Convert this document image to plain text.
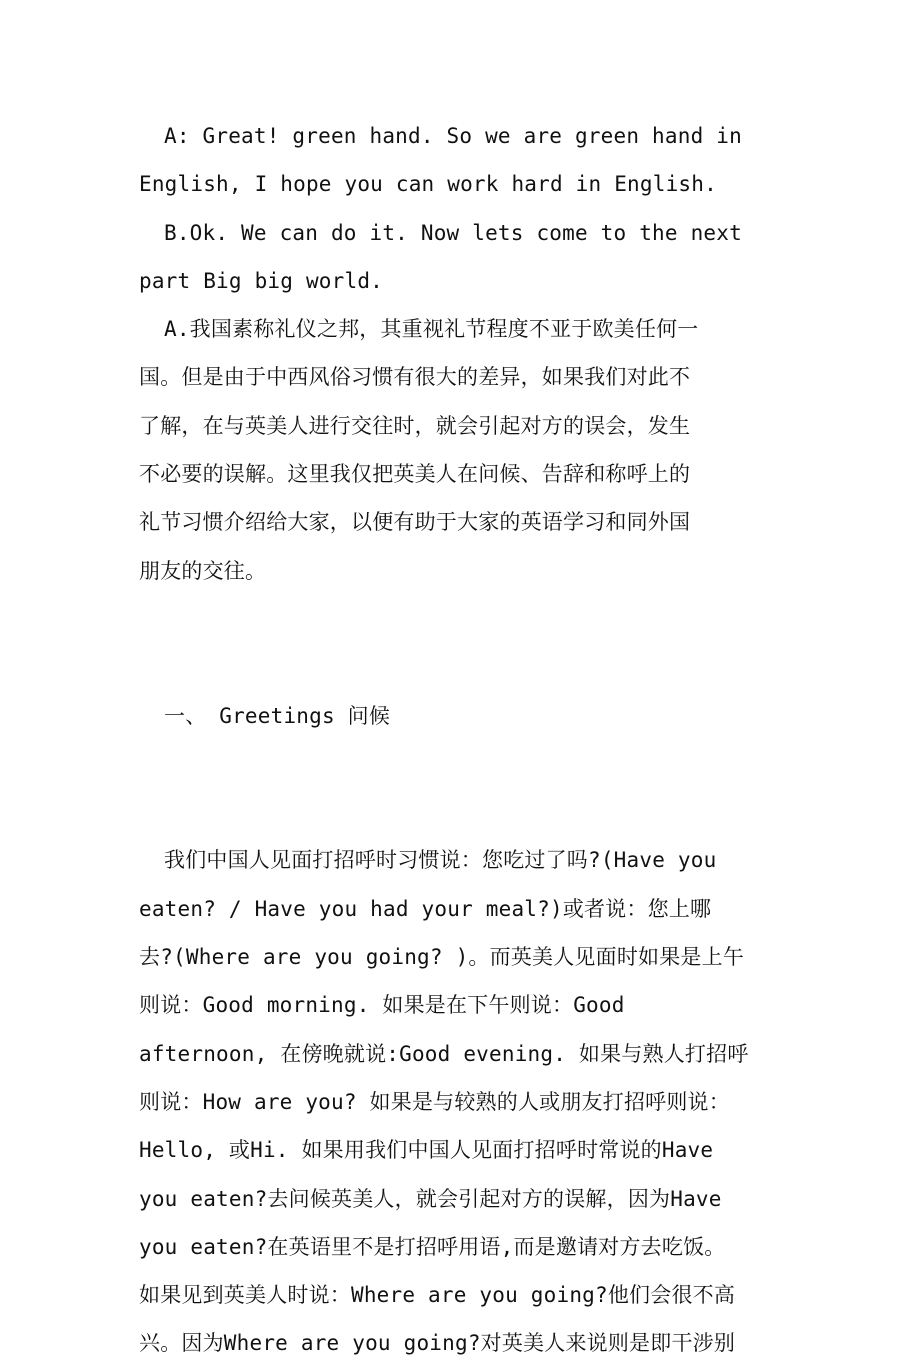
A: Great! green hand. So we are green hand in
English, I hope you can work hard in English.
B.Ok. We can do it. Now lets come to the next
part Big big world.
A.我国素称礼仪之邦，其重视礼节程度不亚于欧美任何一
国。但是由于中西风俗习惯有很大的差异，如果我们对此不
了解，在与英美人进行交往时，就会引起对方的误会，发生
不必要的误解。这里我仅把英美人在问候、告辞和称呼上的
礼节习惯介绍给大家，以便有助于大家的英语学习和同外国
朋友的交往。

一、 Greetings 问候

我们中国人见面打招呼时习惯说：您吃过了吗?(Have you
eaten? / Have you had your meal?)或者说：您上哪
去?(Where are you going? )。而英美人见面时如果是上午
则说：Good morning. 如果是在下午则说：Good
afternoon, 在傍晚就说:Good evening. 如果与熟人打招呼
则说：How are you? 如果是与较熟的人或朋友打招呼则说：
Hello, 或Hi. 如果用我们中国人见面打招呼时常说的Have
you eaten?去问候英美人，就会引起对方的误解，因为Have
you eaten?在英语里不是打招呼用语,而是邀请对方去吃饭。
如果见到英美人时说：Where are you going?他们会很不高
兴。因为Where are you going?对英美人来说则是即干涉别
